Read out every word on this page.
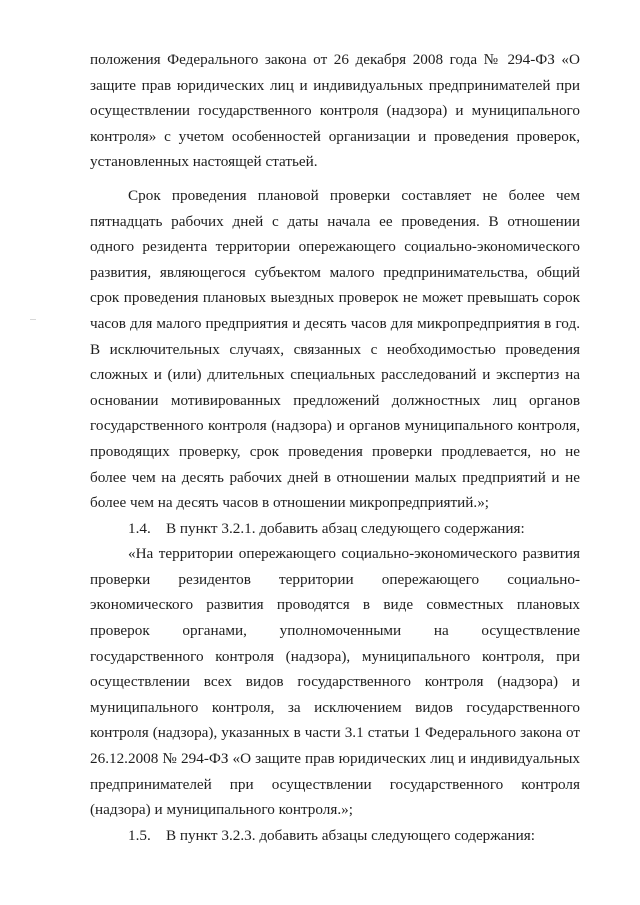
положения Федерального закона от 26 декабря 2008 года № 294-ФЗ «О защите прав юридических лиц и индивидуальных предпринимателей при осуществлении государственного контроля (надзора) и муниципального контроля» с учетом особенностей организации и проведения проверок, установленных настоящей статьей.

Срок проведения плановой проверки составляет не более чем пятнадцать рабочих дней с даты начала ее проведения. В отношении одного резидента территории опережающего социально-экономического развития, являющегося субъектом малого предпринимательства, общий срок проведения плановых выездных проверок не может превышать сорок часов для малого предприятия и десять часов для микропредприятия в год. В исключительных случаях, связанных с необходимостью проведения сложных и (или) длительных специальных расследований и экспертиз на основании мотивированных предложений должностных лиц органов государственного контроля (надзора) и органов муниципального контроля, проводящих проверку, срок проведения проверки продлевается, но не более чем на десять рабочих дней в отношении малых предприятий и не более чем на десять часов в отношении микропредприятий.»;

1.4.    В пункт 3.2.1. добавить абзац следующего содержания:

«На территории опережающего социально-экономического развития проверки резидентов территории опережающего социально-экономического развития проводятся в виде совместных плановых проверок органами, уполномоченными на осуществление государственного контроля (надзора), муниципального контроля, при осуществлении всех видов государственного контроля (надзора) и муниципального контроля, за исключением видов государственного контроля (надзора), указанных в части 3.1 статьи 1 Федерального закона от 26.12.2008 № 294-ФЗ «О защите прав юридических лиц и индивидуальных предпринимателей при осуществлении государственного контроля (надзора) и муниципального контроля.»;

1.5.    В пункт 3.2.3. добавить абзацы следующего содержания:
